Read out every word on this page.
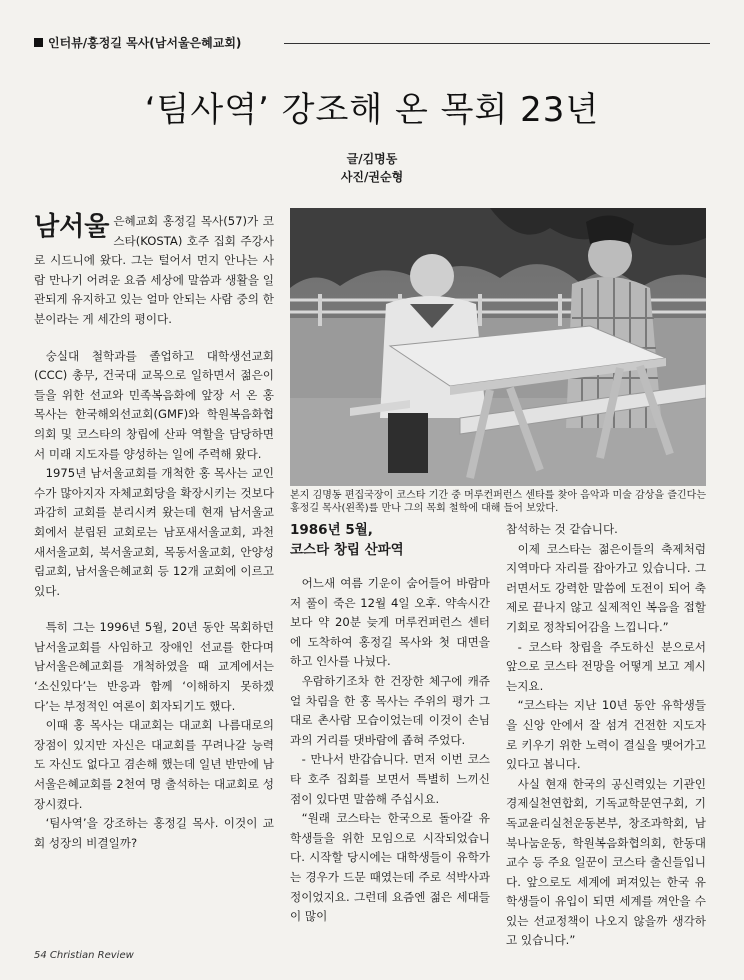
인터뷰/홍정길 목사(남서울은혜교회)
‘팀사역’ 강조해 온 목회 23년
글/김명동
사진/권순형
본지 김명동 편집국장이 코스타 기간 중 머루컨퍼런스 센타를 찾아 음악과 미술 감상을 즐긴다는 홍정길 목사(왼쪽)를 만나 그의 목회 철학에 대해 들어 보았다.

남서울 은혜교회 홍정길 목사(57)가 코스타(KOSTA) 호주 집회 주강사로 시드니에 왔다. 그는 털어서 먼지 안나는 사람 만나기 어려운 요즘 세상에 말씀과 생활을 일관되게 유지하고 있는 얼마 안되는 사람 중의 한 분이라는 게 세간의 평이다.

숭실대 철학과를 졸업하고 대학생선교회(CCC) 총무, 건국대 교목으로 일하면서 젊은이들을 위한 선교와 민족복음화에 앞장 서 온 홍 목사는 한국해외선교회(GMF)와 학원복음화협의회 및 코스타의 창립에 산파 역할을 담당하면서 미래 지도자를 양성하는 일에 주력해 왔다.

1975년 남서울교회를 개척한 홍 목사는 교인 수가 많아지자 자체교회당을 확장시키는 것보다 과감히 교회를 분리시켜 왔는데 현재 남서울교회에서 분립된 교회로는 남포새서울교회, 과천새서울교회, 북서울교회, 목동서울교회, 안양성림교회, 남서울은혜교회 등 12개 교회에 이르고 있다.

특히 그는 1996년 5월, 20년 동안 목회하던 남서울교회를 사임하고 장애인 선교를 한다며 남서울은혜교회를 개척하였을 때 교계에서는 ‘소신있다’는 반응과 함께 ‘이해하지 못하겠다’는 부정적인 여론이 회자되기도 했다.

이때 홍 목사는 대교회는 대교회 나름대로의 장점이 있지만 자신은 대교회를 꾸려나갈 능력도 자신도 없다고 겸손해 했는데 일년 반만에 남서울은혜교회를 2천여 명 출석하는 대교회로 성장시켰다.

‘팀사역’을 강조하는 홍정길 목사. 이것이 교회 성장의 비결일까?

1986년 5월,
코스타 창립 산파역

어느새 여름 기운이 숨어들어 바람마저 풀이 죽은 12월 4일 오후. 약속시간보다 약 20분 늦게 머루컨퍼런스 센터에 도착하여 홍정길 목사와 첫 대면을 하고 인사를 나눴다.

우람하기조차 한 건장한 체구에 캐쥬얼 차림을 한 홍 목사는 주위의 평가 그대로 촌사람 모습이었는데 이것이 손님과의 거리를 댓바람에 좁혀 주었다.

- 만나서 반갑습니다. 먼저 이번 코스타 호주 집회를 보면서 특별히 느끼신 점이 있다면 말씀해 주십시요.

“원래 코스타는 한국으로 돌아갈 유학생들을 위한 모임으로 시작되었습니다. 시작할 당시에는 대학생들이 유학가는 경우가 드문 때였는데 주로 석박사과정이었지요. 그런데 요즘엔 젊은 세대들이 많이

참석하는 것 같습니다.

이제 코스타는 젊은이들의 축제처럼 지역마다 자리를 잡아가고 있습니다. 그러면서도 강력한 말씀에 도전이 되어 축제로 끝나지 않고 실제적인 복음을 접할 기회로 정착되어감을 느낍니다.”

- 코스타 창립을 주도하신 분으로서 앞으로 코스타 전망을 어떻게 보고 계시는지요.

“코스타는 지난 10년 동안 유학생들을 신앙 안에서 잘 섬겨 건전한 지도자로 키우기 위한 노력이 결실을 맺어가고 있다고 봅니다.

사실 현재 한국의 공신력있는 기관인 경제실천연합회, 기독교학문연구회, 기독교윤리실천운동본부, 창조과학회, 남북나눔운동, 학원복음화협의회, 한동대 교수 등 주요 일꾼이 코스타 출신들입니다. 앞으로도 세계에 퍼져있는 한국 유학생들이 유입이 되면 세계를 껴안을 수 있는 선교정책이 나오지 않을까 생각하고 있습니다.”

54 Christian Review
